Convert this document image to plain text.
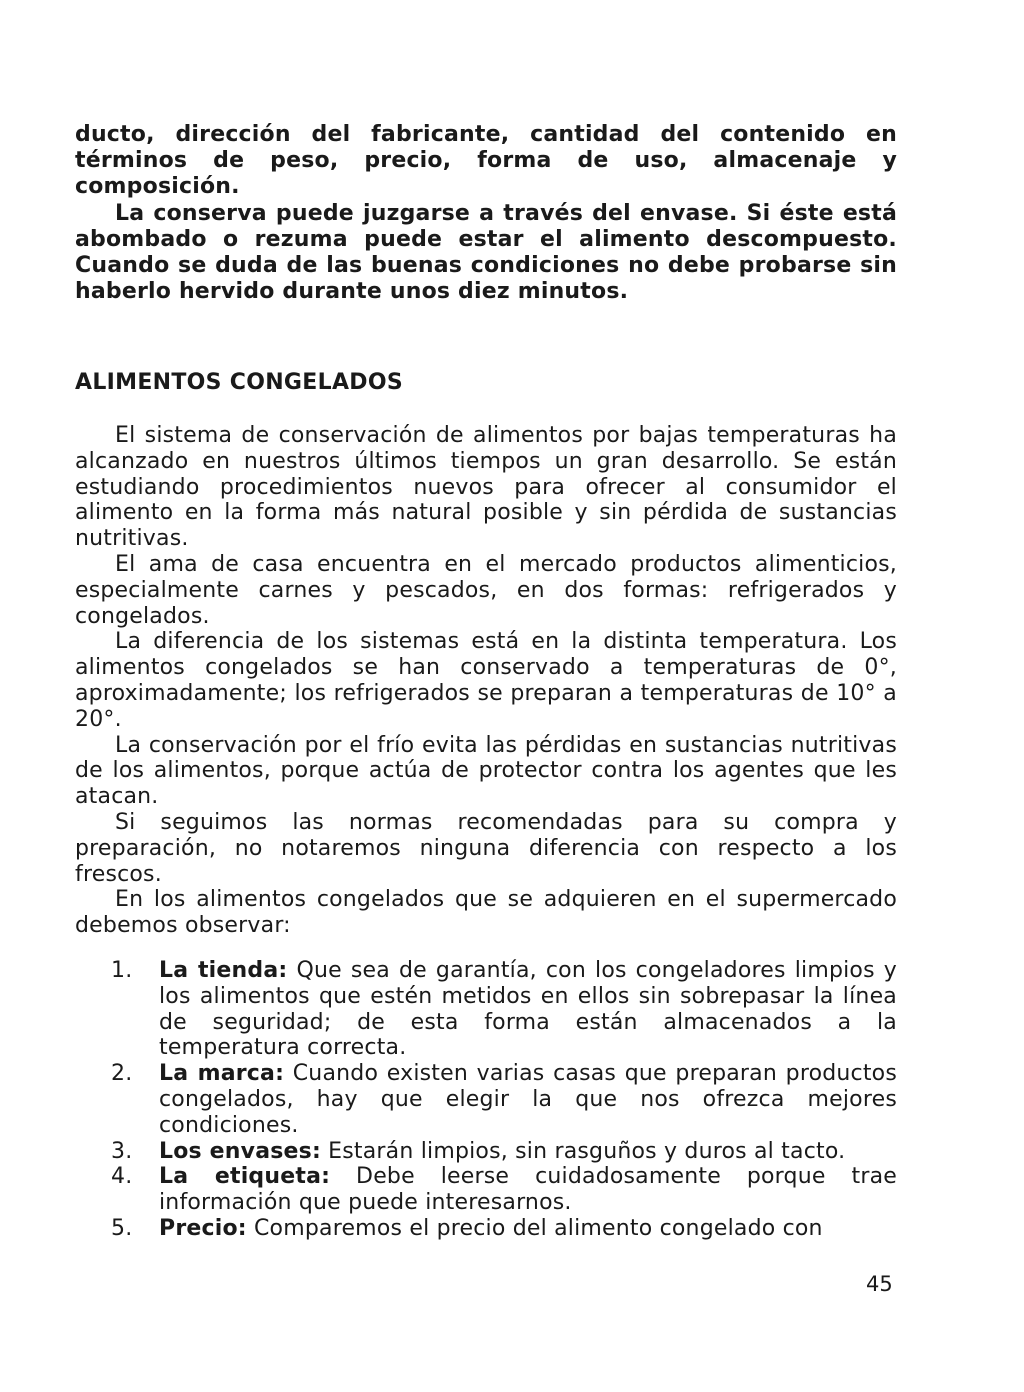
ducto, dirección del fabricante, cantidad del contenido en términos de peso, precio, forma de uso, almacenaje y composición.

La conserva puede juzgarse a través del envase. Si éste está abombado o rezuma puede estar el alimento descompuesto. Cuando se duda de las buenas condiciones no debe probarse sin haberlo hervido durante unos diez minutos.

ALIMENTOS CONGELADOS

El sistema de conservación de alimentos por bajas temperaturas ha alcanzado en nuestros últimos tiempos un gran desarrollo. Se están estudiando procedimientos nuevos para ofrecer al consumidor el alimento en la forma más natural posible y sin pérdida de sustancias nutritivas.

El ama de casa encuentra en el mercado productos alimenticios, especialmente carnes y pescados, en dos formas: refrigerados y congelados.

La diferencia de los sistemas está en la distinta temperatura. Los alimentos congelados se han conservado a temperaturas de 0°, aproximadamente; los refrigerados se preparan a temperaturas de 10° a 20°.

La conservación por el frío evita las pérdidas en sustancias nutritivas de los alimentos, porque actúa de protector contra los agentes que les atacan.

Si seguimos las normas recomendadas para su compra y preparación, no notaremos ninguna diferencia con respecto a los frescos.

En los alimentos congelados que se adquieren en el supermercado debemos observar:

1.	La tienda: Que sea de garantía, con los congeladores limpios y los alimentos que estén metidos en ellos sin sobrepasar la línea de seguridad; de esta forma están almacenados a la temperatura correcta.
2.	La marca: Cuando existen varias casas que preparan productos congelados, hay que elegir la que nos ofrezca mejores condiciones.
3.	Los envases: Estarán limpios, sin rasguños y duros al tacto.
4.	La etiqueta: Debe leerse cuidadosamente porque trae información que puede interesarnos.
5.	Precio: Comparemos el precio del alimento congelado con
45
